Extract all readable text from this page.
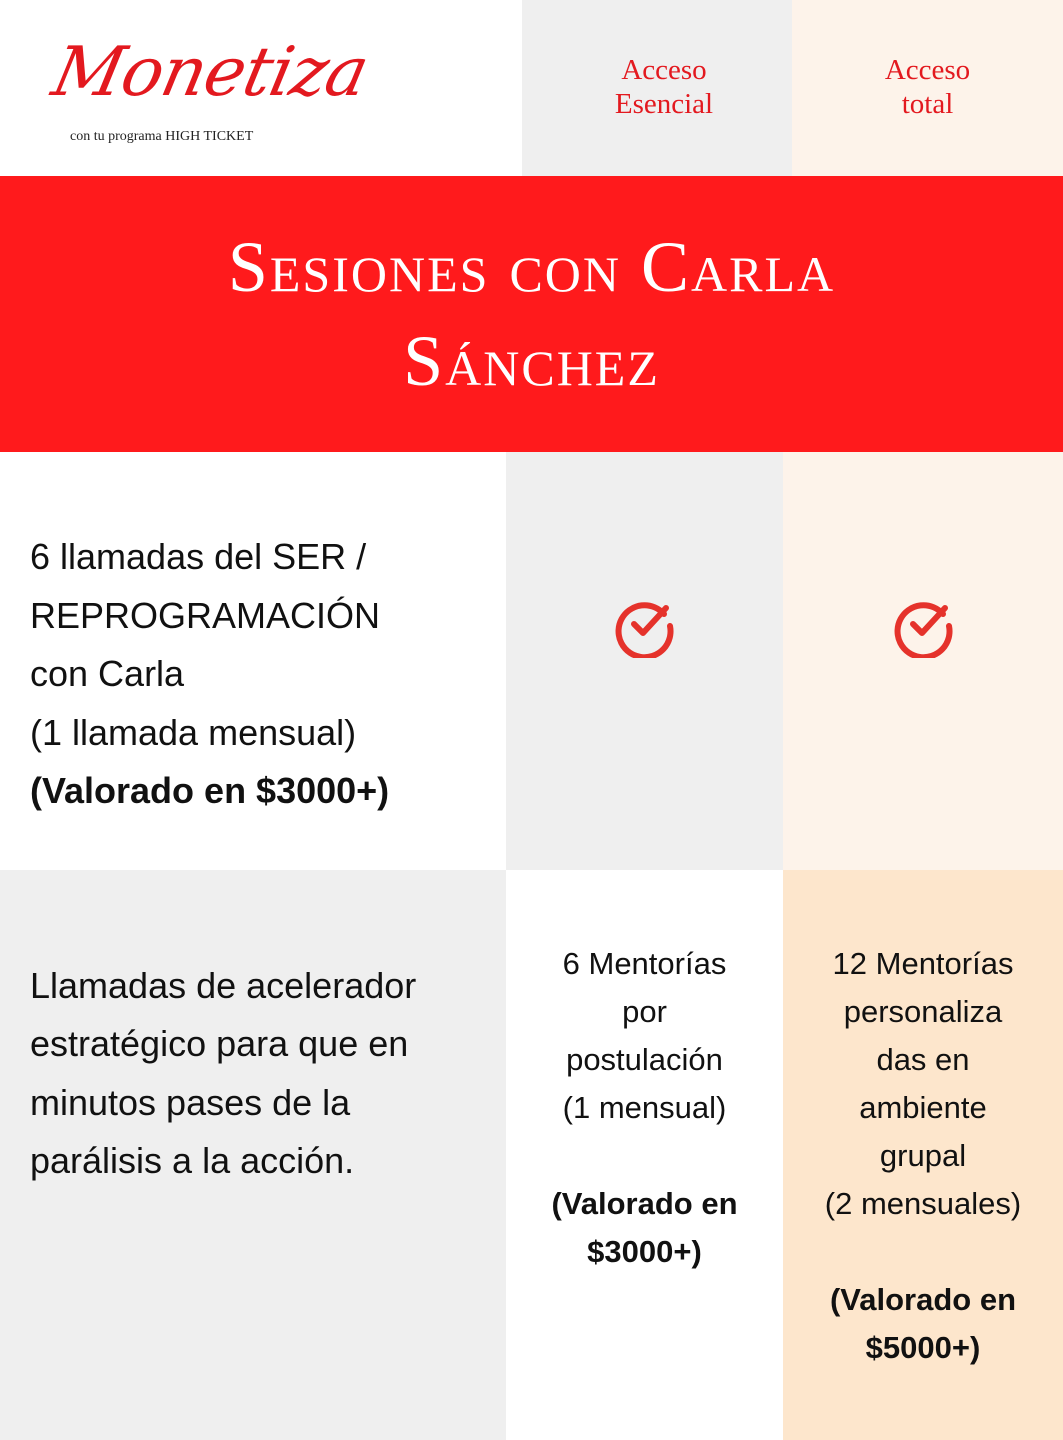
Monetiza
con tu programa HIGH TICKET
Acceso
Esencial
Acceso
total
Sesiones con Carla Sánchez
6 llamadas del SER /
REPROGRAMACIÓN
con Carla
(1 llamada mensual)
(Valorado en $3000+)
Llamadas de acelerador estratégico para que en minutos pases de la parálisis a la acción.
6 Mentorías
por
postulación
(1 mensual)
(Valorado en
$3000+)
12 Mentorías
personaliza
das en
ambiente
grupal
(2 mensuales)
(Valorado en
$5000+)
